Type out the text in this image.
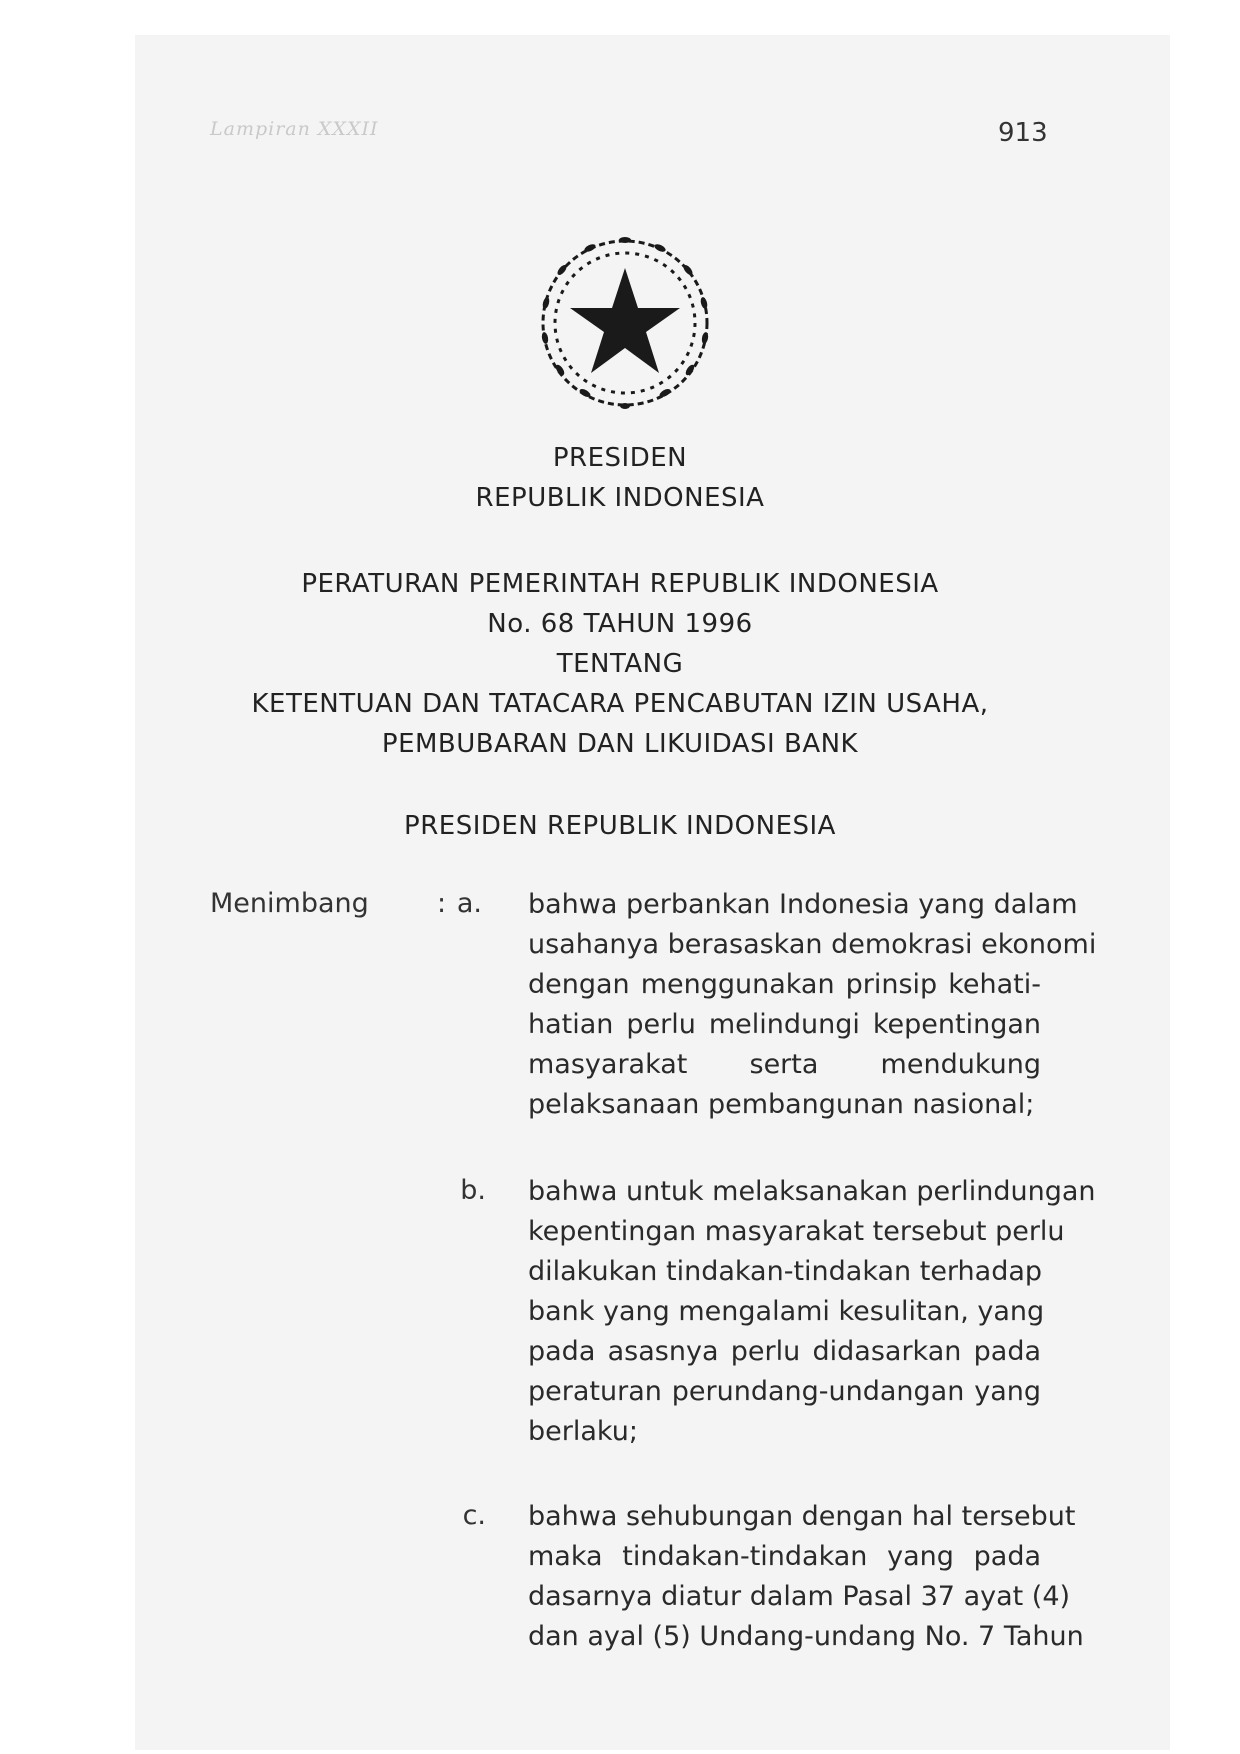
Lampiran XXXII	913
PRESIDEN
REPUBLIK INDONESIA
PERATURAN PEMERINTAH REPUBLIK INDONESIA
No. 68 TAHUN 1996
TENTANG
KETENTUAN DAN TATACARA PENCABUTAN IZIN USAHA,
PEMBUBARAN DAN LIKUIDASI BANK
PRESIDEN REPUBLIK INDONESIA
Menimbang	: a. bahwa perbankan Indonesia yang dalam
usahanya berasaskan demokrasi ekonomi
dengan menggunakan prinsip kehati-
hatian perlu melindungi kepentingan
masyarakat serta mendukung
pelaksanaan pembangunan nasional;
b. bahwa untuk melaksanakan perlindungan
kepentingan masyarakat tersebut perlu
dilakukan tindakan-tindakan terhadap
bank yang mengalami kesulitan, yang
pada asasnya perlu didasarkan pada
peraturan perundang-undangan yang
berlaku;
c. bahwa sehubungan dengan hal tersebut
maka tindakan-tindakan yang pada
dasarnya diatur dalam Pasal 37 ayat (4)
dan ayal (5) Undang-undang No. 7 Tahun
